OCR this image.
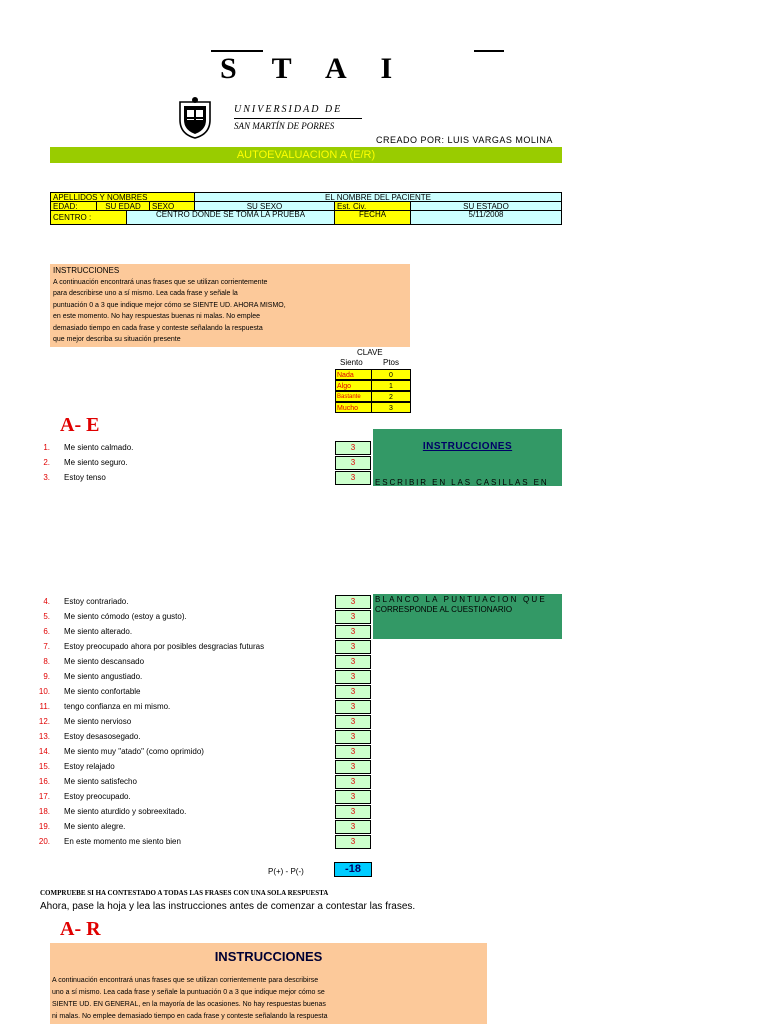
S T A I
UNIVERSIDAD DE
SAN MARTÍN DE PORRES
CREADO POR: LUIS VARGAS MOLINA
AUTOEVALUACION A (E/R)
APELLIDOS Y NOMBRES	EL NOMBRE DEL PACIENTE
EDAD:	SU EDAD	SEXO	SU SEXO	Est. Civ.	SU ESTADO
CENTRO :	CENTRO DONDE SE TOMA LA PRUEBA	FECHA	5/11/2008
INSTRUCCIONES
A continuación encontrará unas frases que se utilizan corrientemente
para describirse uno a sí mismo. Lea cada frase y señale la
puntuación 0 a 3 que indique mejor cómo se SIENTE UD. AHORA MISMO,
en este momento. No hay respuestas buenas ni malas. No emplee
demasiado tiempo en cada frase y conteste señalando la respuesta
que mejor describa su situación presente
CLAVE
Siento	Ptos
Nada	0
Algo	1
Bastante	2
Mucho	3
A- E
INSTRUCCIONES
ESCRIBIR EN LAS CASILLAS EN
BLANCO LA PUNTUACION QUE
CORRESPONDE AL CUESTIONARIO
1. Me siento calmado.	3
2. Me siento seguro.	3
3. Estoy tenso	3
4. Estoy contrariado.	3
5. Me siento cómodo (estoy a gusto).	3
6. Me siento alterado.	3
7. Estoy preocupado ahora por posibles desgracias futuras	3
8. Me siento descansado	3
9. Me siento angustiado.	3
10. Me siento confortable	3
11. tengo confianza en mi mismo.	3
12. Me siento nervioso	3
13. Estoy desasosegado.	3
14. Me siento muy "atado" (como oprimido)	3
15. Estoy relajado	3
16. Me siento satisfecho	3
17. Estoy preocupado.	3
18. Me siento aturdido y sobreexitado.	3
19. Me siento alegre.	3
20. En este momento me siento bien	3
P(+) - P(-)	-18
COMPRUEBE SI HA CONTESTADO A TODAS LAS FRASES CON UNA SOLA RESPUESTA
Ahora, pase la hoja y lea las instrucciones antes de comenzar a contestar las frases.
A- R
INSTRUCCIONES
A continuación encontrará unas frases que se utilizan corrientemente para describirse
uno a sí mismo. Lea cada frase y señale la puntuación 0 a 3 que indique mejor cómo se
SIENTE UD. EN GENERAL, en la mayoría de las ocasiones. No hay respuestas buenas
ni malas. No emplee demasiado tiempo en cada frase y conteste señalando la respuesta
